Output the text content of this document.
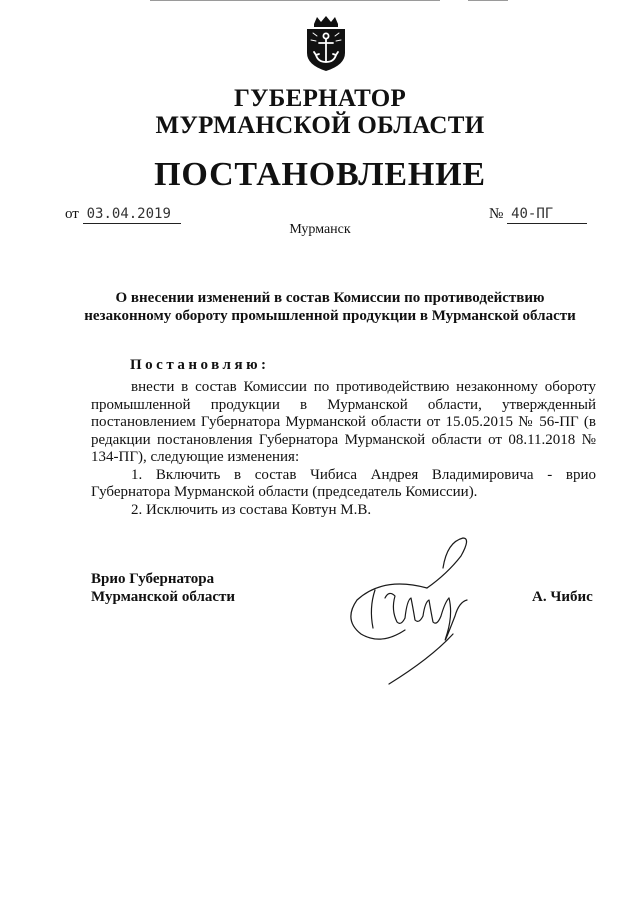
ГУБЕРНАТОР
МУРМАНСКОЙ ОБЛАСТИ
ПОСТАНОВЛЕНИЕ
от 03.04.2019	№ 40-ПГ
Мурманск
О внесении изменений в состав Комиссии по противодействию незаконному обороту промышленной продукции в Мурманской области
Постановляю:

внести в состав Комиссии по противодействию незаконному обороту промышленной продукции в Мурманской области, утвержденный постановлением Губернатора Мурманской области от 15.05.2015 № 56-ПГ (в редакции постановления Губернатора Мурманской области от 08.11.2018 № 134-ПГ), следующие изменения:

1. Включить в состав Чибиса Андрея Владимировича - врио Губернатора Мурманской области (председатель Комиссии).

2. Исключить из состава Ковтун М.В.

Врио Губернатора
Мурманской области	А. Чибис
